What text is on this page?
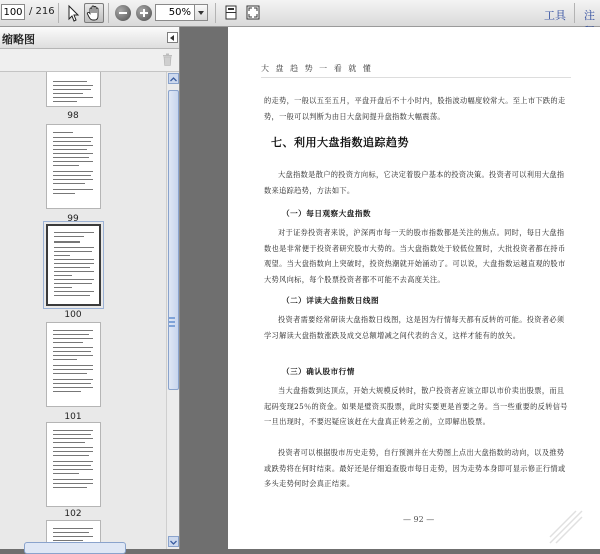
100 / 216	50%	工具 注
缩略图
98
99
100
101
102
大 盘 趋 势 一 看 就 懂
的走势，一般以五至五月，平盘开盘后不十小时内，股指波动幅度较常大。至上市下跌的走势，一般可以判断为由日大盘间提升盘指数大幅震荡。
七、利用大盘指数追踪趋势
大盘指数是散户的投资方向标，它决定着股户基本的投资决策。投资者可以利用大盘指数来追踪趋势，方法如下。
（一）每日观察大盘指数
对于证券投资者来说，沪深两市每一天的股市指数都是关注的焦点。同时，每日大盘指数也是非常便于投资者研究股市大势的。当大盘指数处于较低位置时，大批投资者都在持币观望。当大盘指数向上突破时，投资热潮就开始涌动了。可以说，大盘指数运越直观的股市大势风向标，每个股票投资者都不可能不去高度关注。
（二）详读大盘指数日线图
投资者需要经常研读大盘指数日线图，这是因为行情每天都有反转的可能。投资者必须学习解读大盘指数涨跌及成交总额增减之间代表的含义，这样才能有的放矢。
（三）确认股市行情
当大盘指数到达顶点，开始大规模反转时，散户投资者应该立即以市价卖出股票，而且起码变现25％的资金。如果是璧资买股票，此时实要更是首要之务。当一些重要的反转信号一旦出现时，不要迟疑应该赶在大盘真正转差之前，立即解出股票。
投资者可以根据股市历史走势，自行预测并在大势图上点出大盘指数的动向，以及推势或跌势将在何时结束。最好还是仔细追查股市每日走势，因为走势本身即可显示修正行情或多头走势何时会真正结束。
— 92 —
